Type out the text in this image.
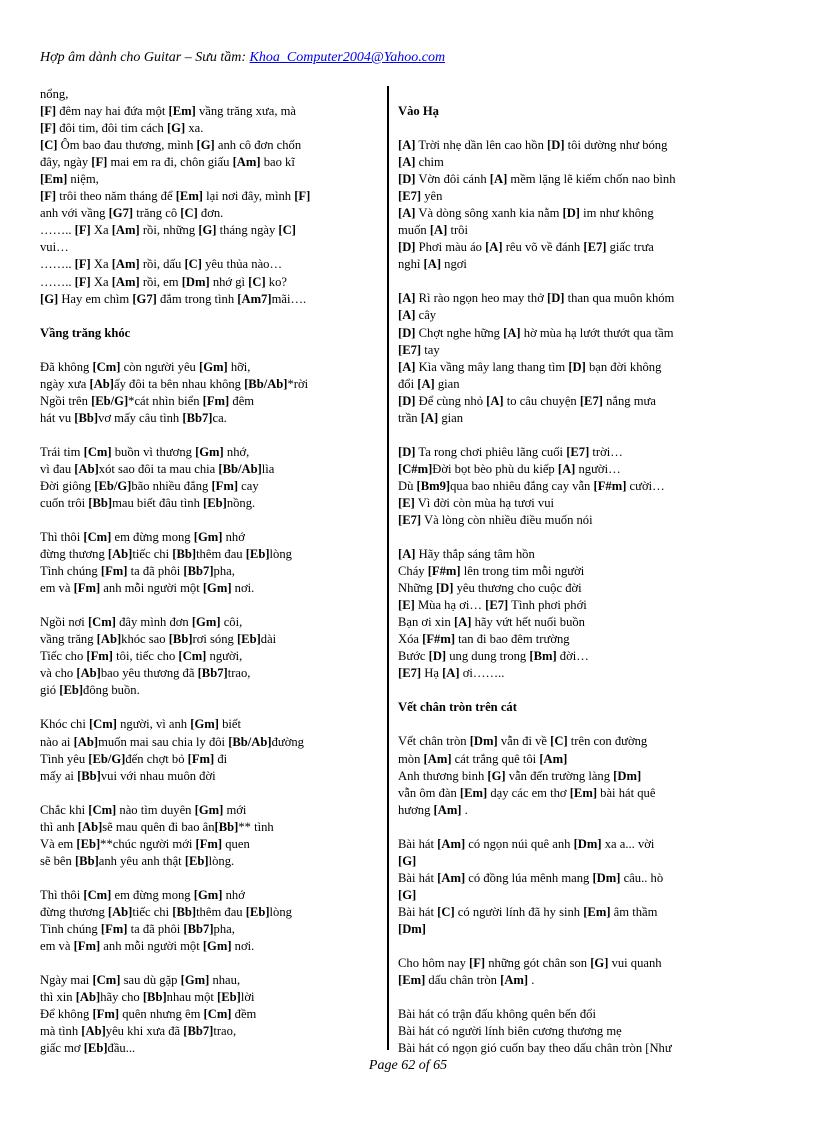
Hợp âm dành cho Guitar – Sưu tầm: Khoa_Computer2004@Yahoo.com
nổng,
[F] đêm nay hai đứa một [Em] vầng trăng xưa, mà
[F] đôi tim, đôi tim cách [G] xa.
[C] Ôm bao đau thương, mình [G] anh cô đơn chốn
đây, ngày [F] mai em ra đi, chôn giấu [Am] bao kĩ
[Em] niệm,
[F] trôi theo năm tháng để [Em] lại nơi đây, mình [F]
anh với vầng [G7] trăng cô [C] đơn.
…….. [F] Xa [Am] rồi, những [G] tháng ngày [C]
vui…
…….. [F] Xa [Am] rồi, dấu [C] yêu thủa nào…
…….. [F] Xa [Am] rồi, em [Dm] nhớ gì [C] ko?
[G] Hay em chìm [G7] đắm trong tình [Am7]mãi….
Vầng trăng khóc
Đã không [Cm] còn người yêu [Gm] hỡi,
ngày xưa [Ab]ấy đôi ta bên nhau không [Bb/Ab]*rời
Ngồi trên [Eb/G]*cát nhìn biển [Fm] đêm
hát vu [Bb]vơ mấy câu tình [Bb7]ca.
Trái tim [Cm] buồn vì thương [Gm] nhớ,
vì đau [Ab]xót sao đôi ta mau chia [Bb/Ab]lìa
Đời giông [Eb/G]bão nhiều đắng [Fm] cay
cuốn trôi [Bb]mau biết đâu tình [Eb]nồng.
Thì thôi [Cm] em đừng mong [Gm] nhớ
đừng thương [Ab]tiếc chi [Bb]thêm đau [Eb]lòng
Tình chúng [Fm] ta đã phôi [Bb7]pha,
em và [Fm] anh mỗi người một [Gm] nơi.
Ngồi nơi [Cm] đây mình đơn [Gm] côi,
vầng trăng [Ab]khóc sao [Bb]rơi sóng [Eb]dài
Tiếc cho [Fm] tôi, tiếc cho [Cm] người,
và cho [Ab]bao yêu thương đã [Bb7]trao,
gió [Eb]đông buồn.
Khóc chi [Cm] người, vì anh [Gm] biết
nào ai [Ab]muốn mai sau chia ly đôi [Bb/Ab]đường
Tình yêu [Eb/G]đến chợt bỏ [Fm] đi
mấy ai [Bb]vui với nhau muôn đời
Chắc khi [Cm] nào tìm duyên [Gm] mới
thì anh [Ab]sẽ mau quên đi bao ân[Bb]** tình
Và em [Eb]**chúc người mới [Fm] quen
sẽ bên [Bb]anh yêu anh thật [Eb]lòng.
Thì thôi [Cm] em đừng mong [Gm] nhớ
đừng thương [Ab]tiếc chi [Bb]thêm đau [Eb]lòng
Tình chúng [Fm] ta đã phôi [Bb7]pha,
em và [Fm] anh mỗi người một [Gm] nơi.
Ngày mai [Cm] sau dù gặp [Gm] nhau,
thì xin [Ab]hãy cho [Bb]nhau một [Eb]lời
Để không [Fm] quên nhưng êm [Cm] đềm
mà tình [Ab]yêu khi xưa đã [Bb7]trao,
giấc mơ [Eb]đầu...
Vào Hạ
[A] Trời nhẹ dần lên cao hồn [D] tôi dường như bóng
[A] chim
[D] Vờn đôi cánh [A] mềm lặng lẽ kiếm chốn nao bình
[E7] yên
[A] Và dòng sông xanh kia nằm [D] im như không
muốn [A] trôi
[D] Phơi màu áo [A] rêu võ về đánh [E7] giấc trưa
nghỉ [A] ngơi
[A] Rì rào ngọn heo may thở [D] than qua muôn khóm
[A] cây
[D] Chợt nghe hững [A] hờ mùa hạ lướt thướt qua tầm
[E7] tay
[A] Kìa vầng mây lang thang tìm [D] bạn đời không
đổi [A] gian
[D] Để cùng nhỏ [A] to câu chuyện [E7] nắng mưa
trần [A] gian
[D] Ta rong chơi phiêu lãng cuối [E7] trời…
[C#m]Đời bọt bèo phù du kiếp [A] người…
Dù [Bm9]qua bao nhiêu đắng cay vẫn [F#m] cười…
[E] Vì đời còn mùa hạ tươi vui
[E7] Và lòng còn nhiều điều muốn nói
[A] Hãy thắp sáng tâm hồn
Cháy [F#m] lên trong tim mỗi người
Những [D] yêu thương cho cuộc đời
[E] Mùa hạ ơi… [E7] Tình phơi phới
Bạn ơi xin [A] hãy vứt hết nuối buồn
Xóa [F#m] tan đi bao đêm trường
Bước [D] ung dung trong [Bm] đời…
[E7] Hạ [A] ơi……..
Vết chân tròn trên cát
Vết chân tròn [Dm] vẫn đi về [C] trên con đường
mòn [Am] cát trắng quê tôi [Am]
Anh thương binh [G] vẫn đến trường làng [Dm]
vẫn ôm đàn [Em] dạy các em thơ [Em] bài hát quê
hương [Am] .
Bài hát [Am] có ngọn núi quê anh [Dm] xa a... vời
[G]
Bài hát [Am] có đồng lúa mênh mang [Dm] câu.. hò
[G]
Bài hát [C] có người lính đã hy sinh [Em] âm thầm
[Dm]
Cho hôm nay [F] những gót chân son [G] vui quanh
[Em] dấu chân tròn [Am] .
Bài hát có trận đấu không quên bến đổi
Bài hát có người lính biên cương thương mẹ
Bài hát có ngọn gió cuốn bay theo dấu chân tròn [Như
Page 62 of 65
